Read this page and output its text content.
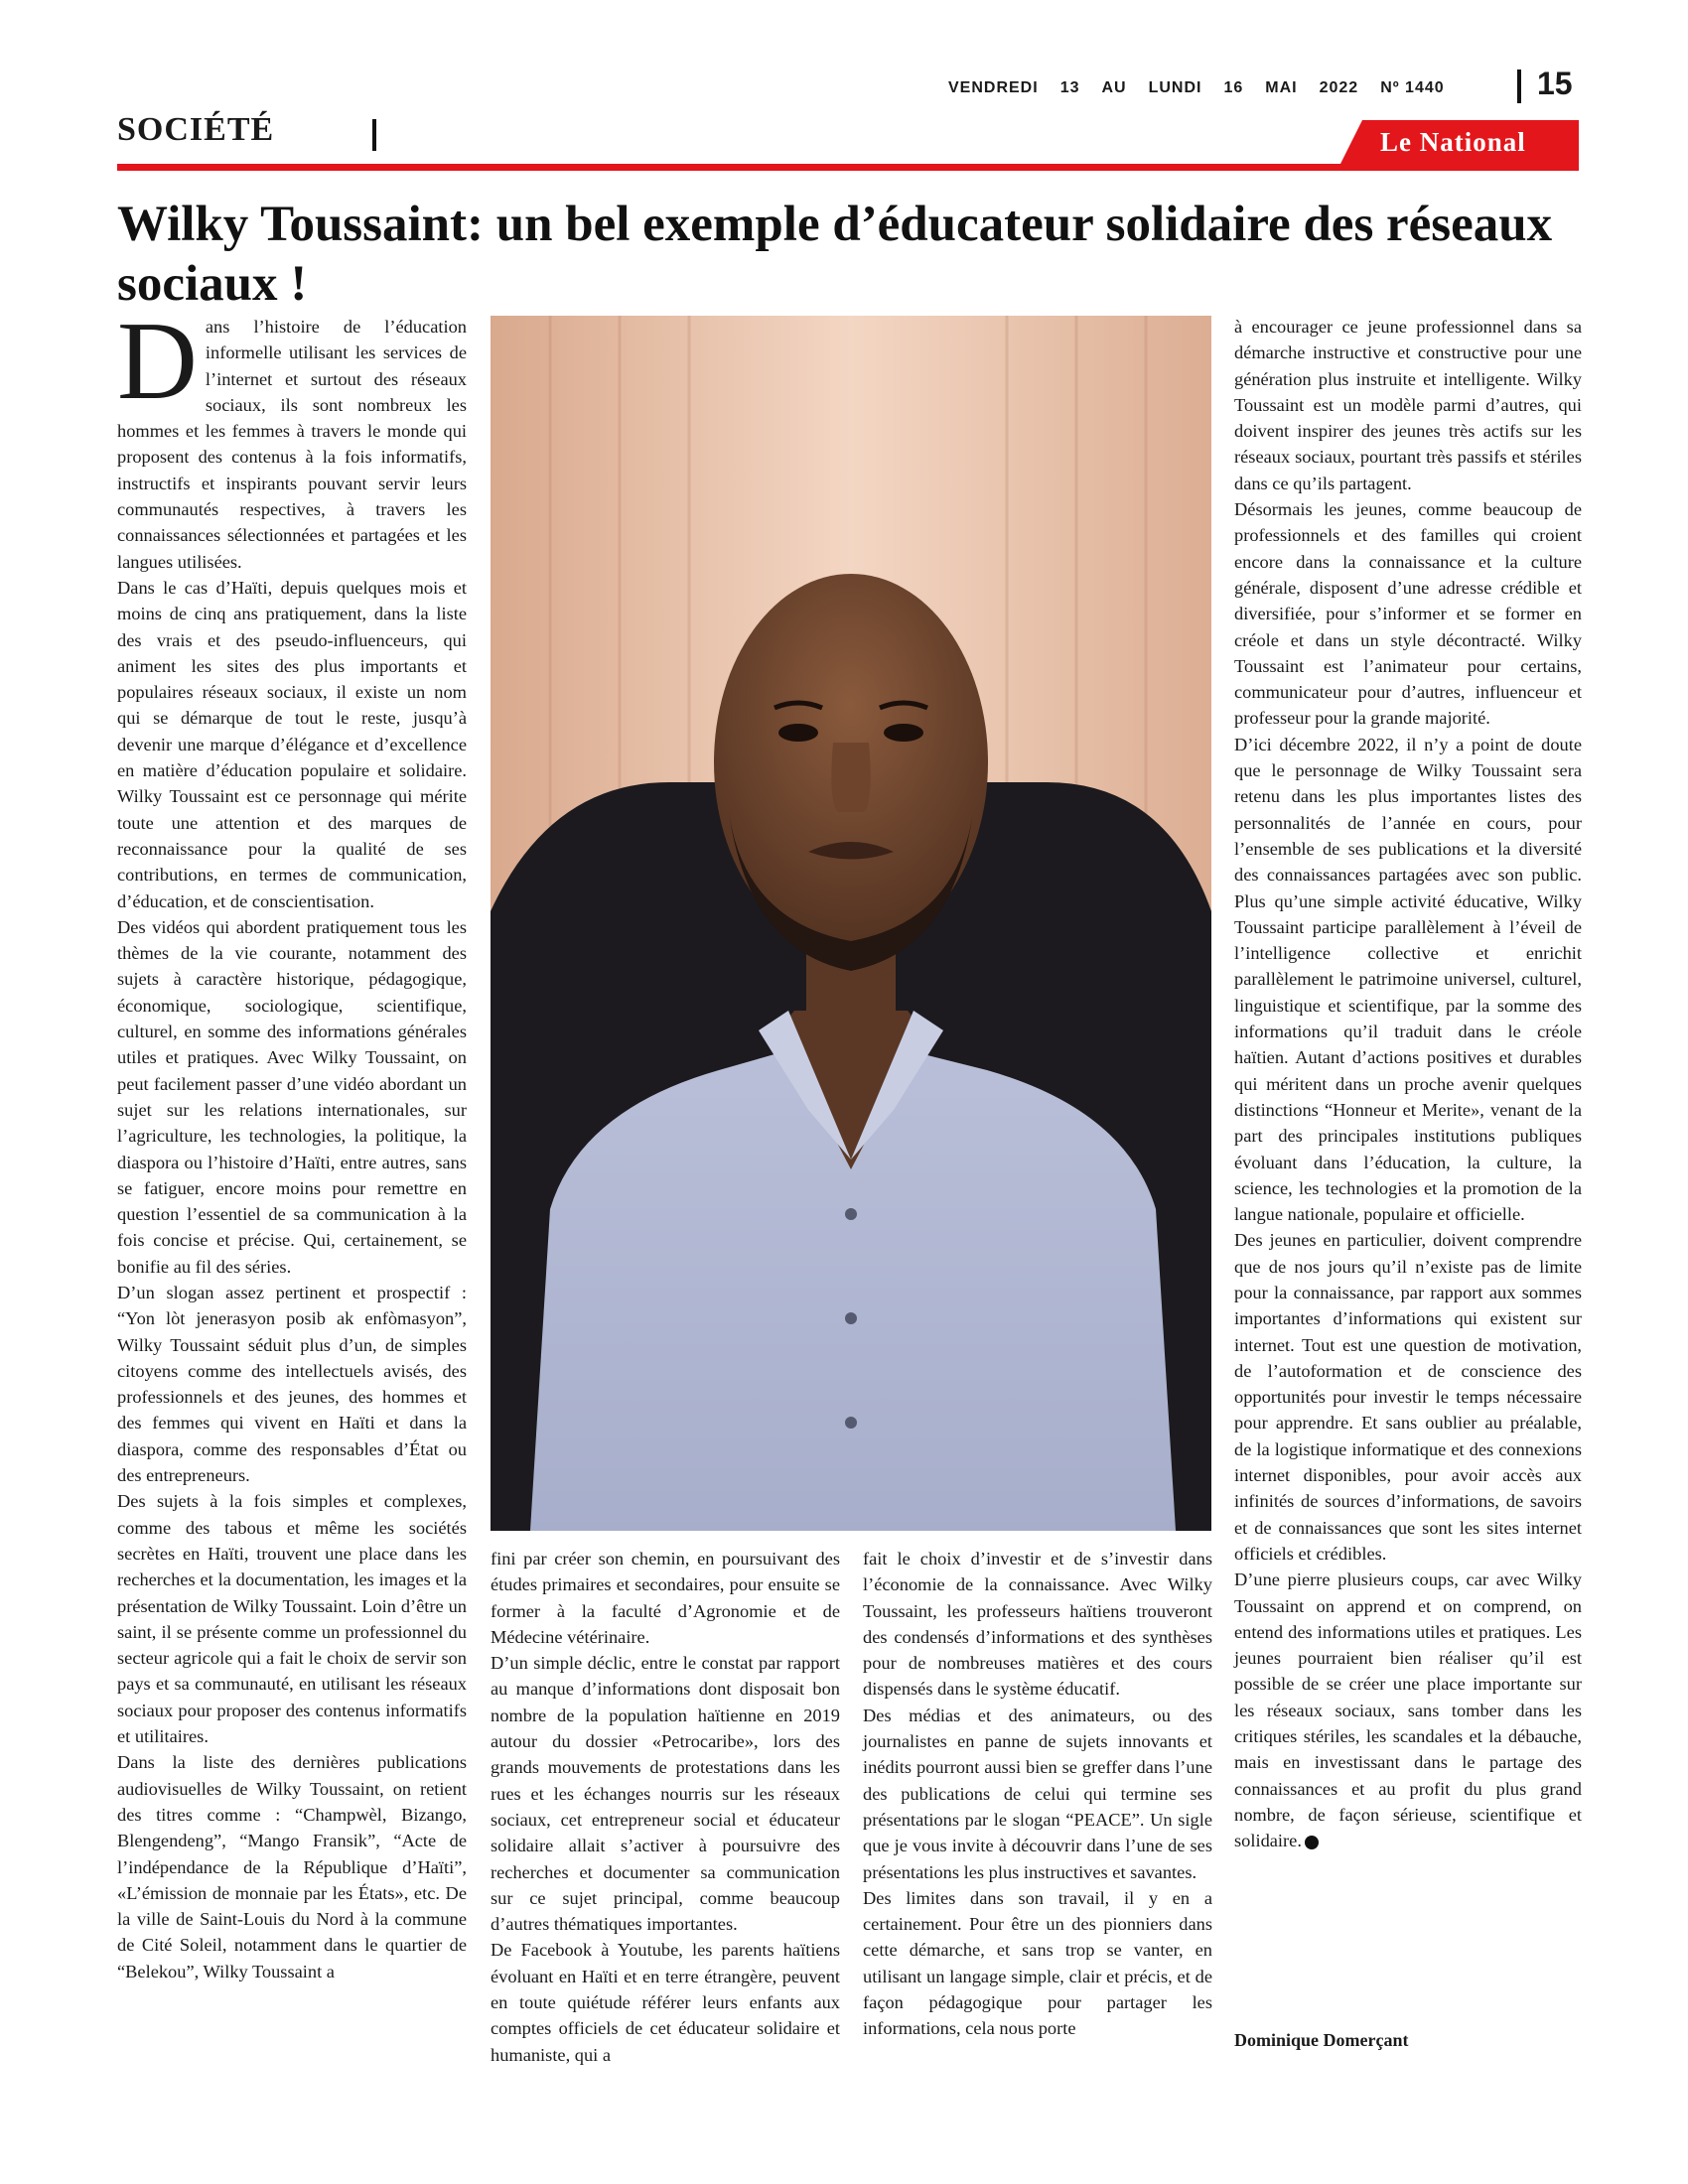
VENDREDI 13 AU LUNDI 16 MAI 2022 Nº 1440	15
SOCIÉTÉ	Le National
Wilky Toussaint: un bel exemple d’éducateur solidaire des réseaux sociaux !

Dans l’histoire de l’éducation informelle utilisant les services de l’internet et surtout des réseaux sociaux, ils sont nombreux les hommes et les femmes à travers le monde qui proposent des contenus à la fois informatifs, instructifs et inspirants pouvant servir leurs communautés respectives, à travers les connaissances sélectionnées et partagées et les langues utilisées.

Dans le cas d’Haïti, depuis quelques mois et moins de cinq ans pratiquement, dans la liste des vrais et des pseudo-influenceurs, qui animent les sites des plus importants et populaires réseaux sociaux, il existe un nom qui se démarque de tout le reste, jusqu’à devenir une marque d’élégance et d’excellence en matière d’éducation populaire et solidaire. Wilky Toussaint est ce personnage qui mérite toute une attention et des marques de reconnaissance pour la qualité de ses contributions, en termes de communication, d’éducation, et de conscientisation.

Des vidéos qui abordent pratiquement tous les thèmes de la vie courante, notamment des sujets à caractère historique, pédagogique, économique, sociologique, scientifique, culturel, en somme des informations générales utiles et pratiques. Avec Wilky Toussaint, on peut facilement passer d’une vidéo abordant un sujet sur les relations internationales, sur l’agriculture, les technologies, la politique, la diaspora ou l’histoire d’Haïti, entre autres, sans se fatiguer, encore moins pour remettre en question l’essentiel de sa communication à la fois concise et précise. Qui, certainement, se bonifie au fil des séries.

D’un slogan assez pertinent et prospectif : “Yon lòt jenerasyon posib ak enfòmasyon”, Wilky Toussaint séduit plus d’un, de simples citoyens comme des intellectuels avisés, des professionnels et des jeunes, des hommes et des femmes qui vivent en Haïti et dans la diaspora, comme des responsables d’État ou des entrepreneurs.

Des sujets à la fois simples et complexes, comme des tabous et même les sociétés secrètes en Haïti, trouvent une place dans les recherches et la documentation, les images et la présentation de Wilky Toussaint. Loin d’être un saint, il se présente comme un professionnel du secteur agricole qui a fait le choix de servir son pays et sa communauté, en utilisant les réseaux sociaux pour proposer des contenus informatifs et utilitaires.

Dans la liste des dernières publications audiovisuelles de Wilky Toussaint, on retient des titres comme : “Champwèl, Bizango, Blengendeng”, “Mango Fransik”, “Acte de l’indépendance de la République d’Haïti”, «L’émission de monnaie par les États», etc. De la ville de Saint-Louis du Nord à la commune de Cité Soleil, notamment dans le quartier de “Belekou”, Wilky Toussaint a

fini par créer son chemin, en poursuivant des études primaires et secondaires, pour ensuite se former à la faculté d’Agronomie et de Médecine vétérinaire.

D’un simple déclic, entre le constat par rapport au manque d’informations dont disposait bon nombre de la population haïtienne en 2019 autour du dossier «Petrocaribe», lors des grands mouvements de protestations dans les rues et les échanges nourris sur les réseaux sociaux, cet entrepreneur social et éducateur solidaire allait s’activer à poursuivre des recherches et documenter sa communication sur ce sujet principal, comme beaucoup d’autres thématiques importantes.

De Facebook à Youtube, les parents haïtiens évoluant en Haïti et en terre étrangère, peuvent en toute quiétude référer leurs enfants aux comptes officiels de cet éducateur solidaire et humaniste, qui a

fait le choix d’investir et de s’investir dans l’économie de la connaissance. Avec Wilky Toussaint, les professeurs haïtiens trouveront des condensés d’informations et des synthèses pour de nombreuses matières et des cours dispensés dans le système éducatif.

Des médias et des animateurs, ou des journalistes en panne de sujets innovants et inédits pourront aussi bien se greffer dans l’une des publications de celui qui termine ses présentations par le slogan “PEACE”. Un sigle que je vous invite à découvrir dans l’une de ses présentations les plus instructives et savantes.

Des limites dans son travail, il y en a certainement. Pour être un des pionniers dans cette démarche, et sans trop se vanter, en utilisant un langage simple, clair et précis, et de façon pédagogique pour partager les informations, cela nous porte

à encourager ce jeune professionnel dans sa démarche instructive et constructive pour une génération plus instruite et intelligente. Wilky Toussaint est un modèle parmi d’autres, qui doivent inspirer des jeunes très actifs sur les réseaux sociaux, pourtant très passifs et stériles dans ce qu’ils partagent.

Désormais les jeunes, comme beaucoup de professionnels et des familles qui croient encore dans la connaissance et la culture générale, disposent d’une adresse crédible et diversifiée, pour s’informer et se former en créole et dans un style décontracté. Wilky Toussaint est l’animateur pour certains, communicateur pour d’autres, influenceur et professeur pour la grande majorité.

D’ici décembre 2022, il n’y a point de doute que le personnage de Wilky Toussaint sera retenu dans les plus importantes listes des personnalités de l’année en cours, pour l’ensemble de ses publications et la diversité des connaissances partagées avec son public. Plus qu’une simple activité éducative, Wilky Toussaint participe parallèlement à l’éveil de l’intelligence collective et enrichit parallèlement le patrimoine universel, culturel, linguistique et scientifique, par la somme des informations qu’il traduit dans le créole haïtien. Autant d’actions positives et durables qui méritent dans un proche avenir quelques distinctions “Honneur et Merite», venant de la part des principales institutions publiques évoluant dans l’éducation, la culture, la science, les technologies et la promotion de la langue nationale, populaire et officielle.

Des jeunes en particulier, doivent comprendre que de nos jours qu’il n’existe pas de limite pour la connaissance, par rapport aux sommes importantes d’informations qui existent sur internet. Tout est une question de motivation, de l’autoformation et de conscience des opportunités pour investir le temps nécessaire pour apprendre. Et sans oublier au préalable, de la logistique informatique et des connexions internet disponibles, pour avoir accès aux infinités de sources d’informations, de savoirs et de connaissances que sont les sites internet officiels et crédibles.

D’une pierre plusieurs coups, car avec Wilky Toussaint on apprend et on comprend, on entend des informations utiles et pratiques. Les jeunes pourraient bien réaliser qu’il est possible de se créer une place importante sur les réseaux sociaux, sans tomber dans les critiques stériles, les scandales et la débauche, mais en investissant dans le partage des connaissances et au profit du plus grand nombre, de façon sérieuse, scientifique et solidaire.

Dominique Domerçant
